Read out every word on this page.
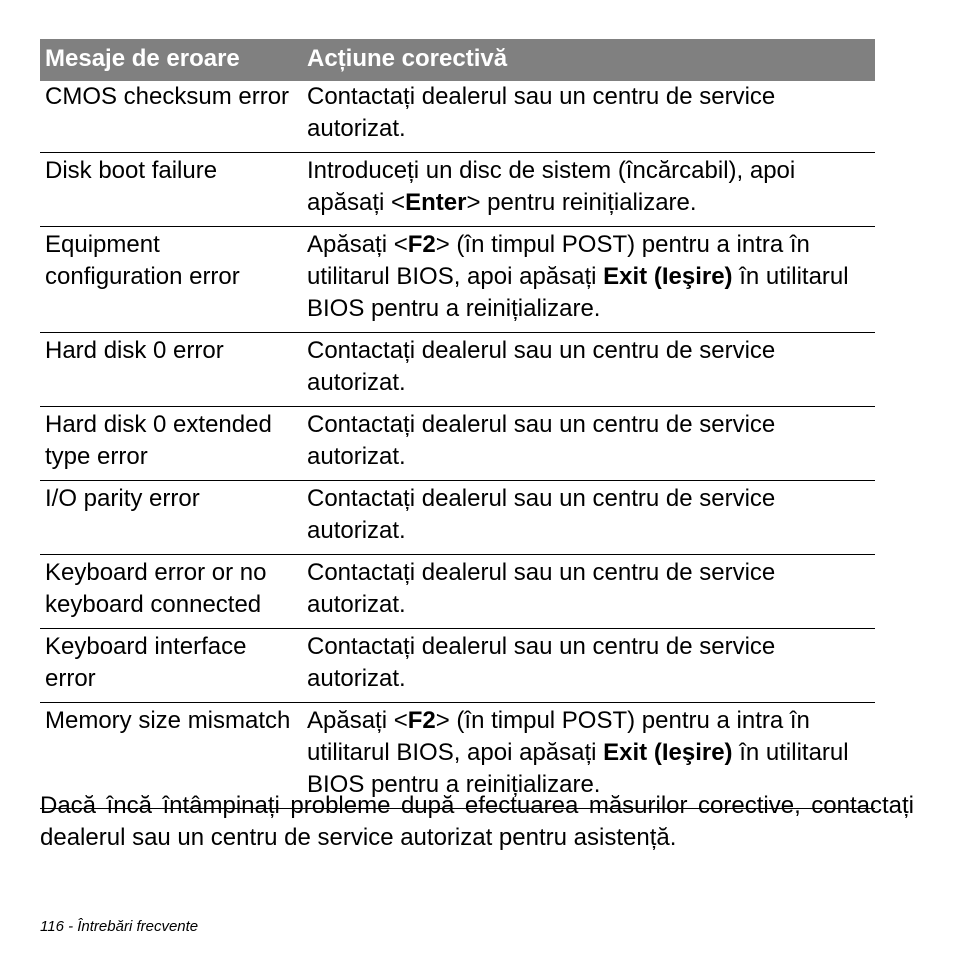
Mesaje de eroare	Acțiune corectivă
CMOS checksum error	Contactați dealerul sau un centru de service autorizat.
Disk boot failure	Introduceți un disc de sistem (încărcabil), apoi apăsați <Enter> pentru reinițializare.
Equipment configuration error	Apăsați <F2> (în timpul POST) pentru a intra în utilitarul BIOS, apoi apăsați Exit (Ieşire) în utilitarul BIOS pentru a reinițializare.
Hard disk 0 error	Contactați dealerul sau un centru de service autorizat.
Hard disk 0 extended type error	Contactați dealerul sau un centru de service autorizat.
I/O parity error	Contactați dealerul sau un centru de service autorizat.
Keyboard error or no keyboard connected	Contactați dealerul sau un centru de service autorizat.
Keyboard interface error	Contactați dealerul sau un centru de service autorizat.
Memory size mismatch	Apăsați <F2> (în timpul POST) pentru a intra în utilitarul BIOS, apoi apăsați Exit (Ieşire) în utilitarul BIOS pentru a reinițializare.

Dacă încă întâmpinați probleme după efectuarea măsurilor corective, contactați dealerul sau un centru de service autorizat pentru asistență.

116 - Întrebări frecvente
